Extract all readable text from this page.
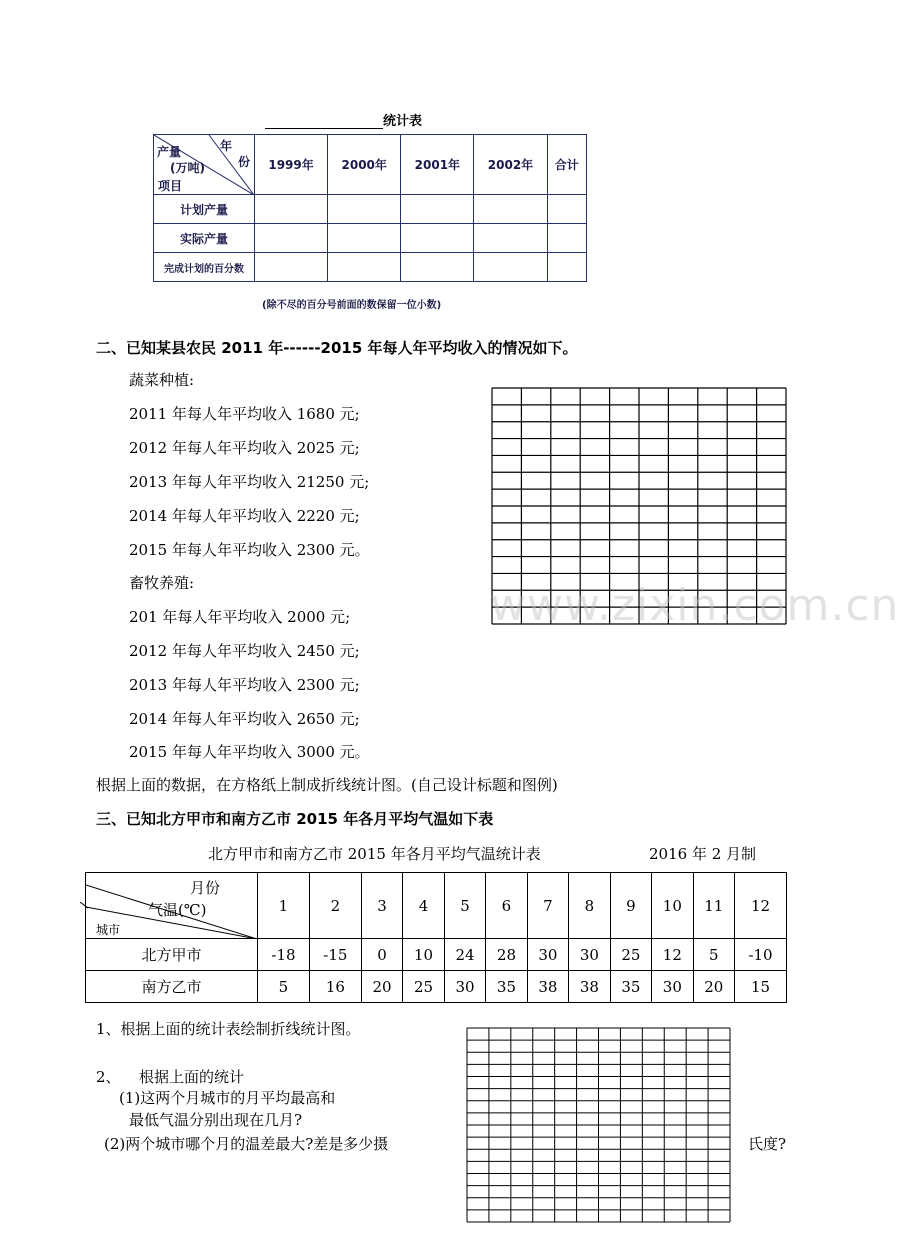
统计表
年
份
产量
(万吨)
项目	1999年	2000年	2001年	2002年	合计
计划产量					
实际产量					
完成计划的百分数					
(除不尽的百分号前面的数保留一位小数)
二、已知某县农民 2011 年------2015 年每人年平均收入的情况如下。
蔬菜种植:
2011 年每人年平均收入 1680 元;
2012 年每人年平均收入 2025 元;
2013 年每人年平均收入 21250 元;
2014 年每人年平均收入 2220 元;
2015 年每人年平均收入 2300 元。
畜牧养殖:
201 年每人年平均收入 2000 元;
2012 年每人年平均收入 2450 元;
2013 年每人年平均收入 2300 元;
2014 年每人年平均收入 2650 元;
2015 年每人年平均收入 3000 元。
根据上面的数据，在方格纸上制成折线统计图。(自己设计标题和图例)
www.zixin.com.cn
三、已知北方甲市和南方乙市 2015 年各月平均气温如下表
北方甲市和南方乙市 2015 年各月平均气温统计表	2016 年 2 月制
月份
气温(℃)
城市	1	2	3	4	5	6	7	8	9	10	11	12
北方甲市	-18	-15	0	10	24	28	30	30	25	12	5	-10
南方乙市	5	16	20	25	30	35	38	38	35	30	20	15
1、根据上面的统计表绘制折线统计图。
2、 根据上面的统计
(1)这两个月城市的月平均最高和
最低气温分别出现在几月?
(2)两个城市哪个月的温差最大?差是多少摄	氏度?
